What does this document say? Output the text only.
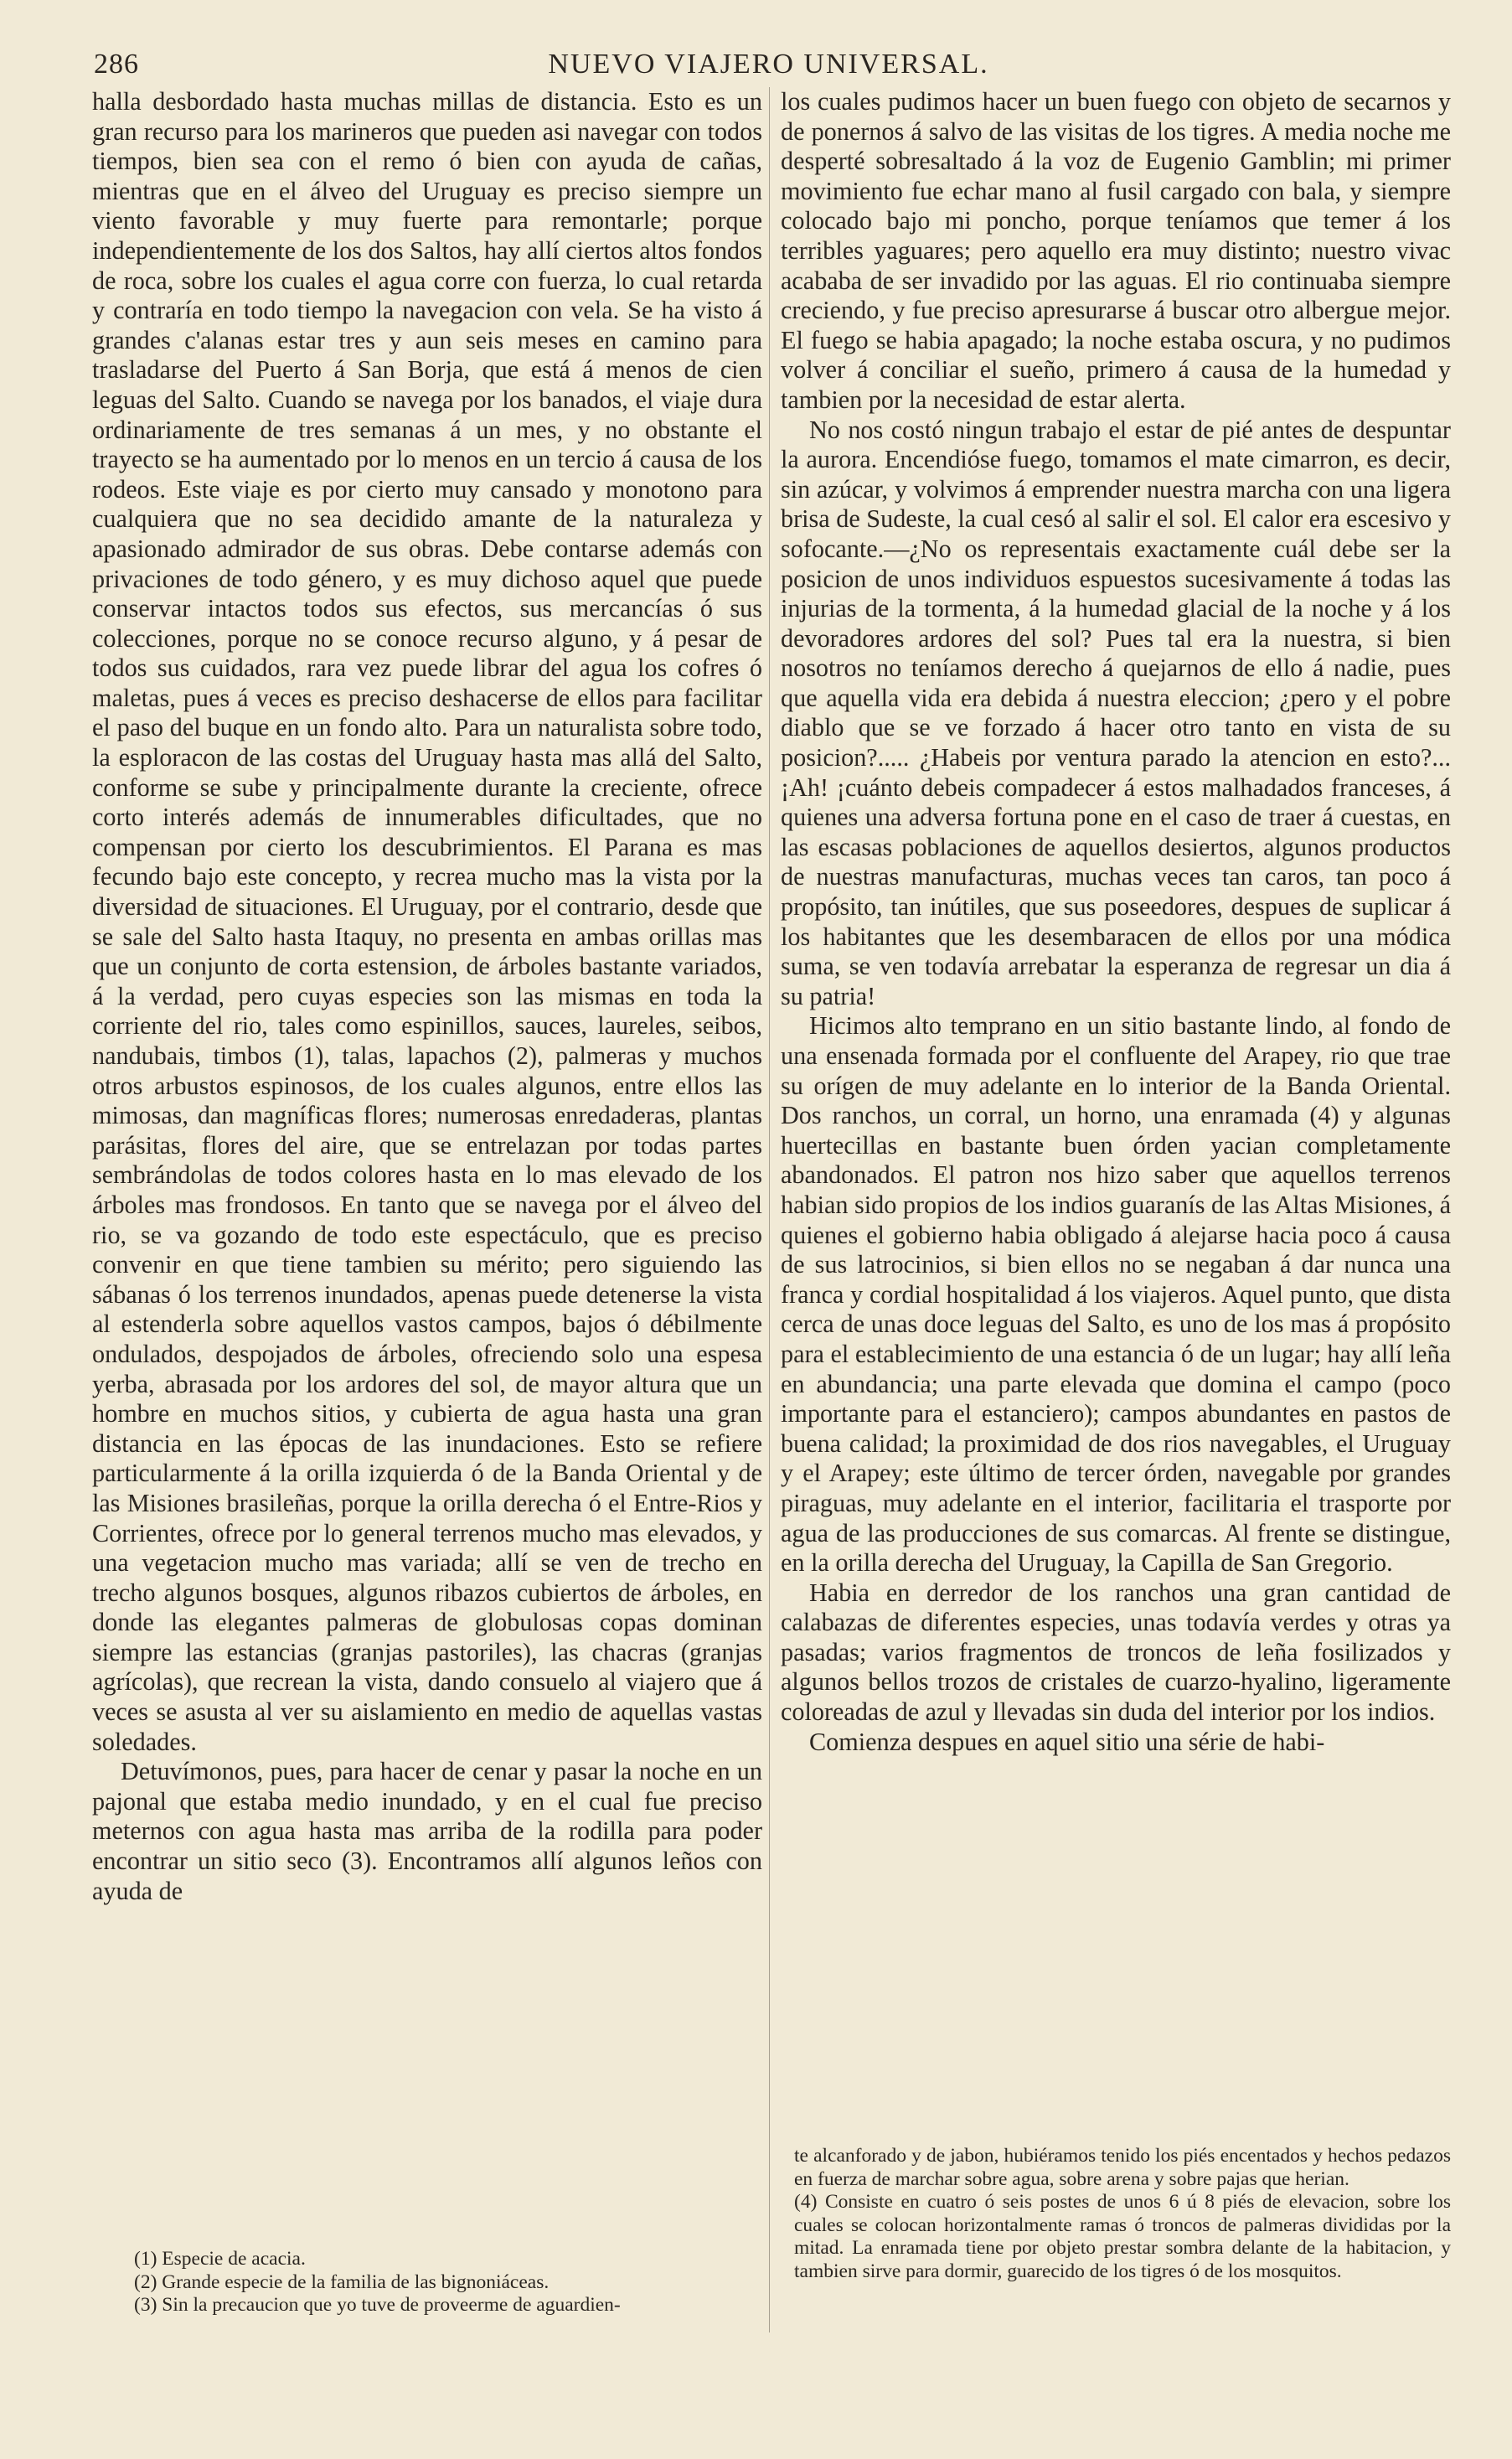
286	NUEVO VIAJERO UNIVERSAL.

halla desbordado hasta muchas millas de distancia. Esto es un gran recurso para los marineros que pueden asi navegar con todos tiempos, bien sea con el remo ó bien con ayuda de cañas, mientras que en el álveo del Uruguay es preciso siempre un viento favorable y muy fuerte para remontarle; porque independientemente de los dos Saltos, hay allí ciertos altos fondos de roca, sobre los cuales el agua corre con fuerza, lo cual retarda y contraría en todo tiempo la navegacion con vela. Se ha visto á grandes c'alanas estar tres y aun seis meses en camino para trasladarse del Puerto á San Borja, que está á menos de cien leguas del Salto. Cuando se navega por los banados, el viaje dura ordinariamente de tres semanas á un mes, y no obstante el trayecto se ha aumentado por lo menos en un tercio á causa de los rodeos. Este viaje es por cierto muy cansado y monotono para cualquiera que no sea decidido amante de la naturaleza y apasionado admirador de sus obras. Debe contarse además con privaciones de todo género, y es muy dichoso aquel que puede conservar intactos todos sus efectos, sus mercancías ó sus colecciones, porque no se conoce recurso alguno, y á pesar de todos sus cuidados, rara vez puede librar del agua los cofres ó maletas, pues á veces es preciso deshacerse de ellos para facilitar el paso del buque en un fondo alto. Para un naturalista sobre todo, la esploracon de las costas del Uruguay hasta mas allá del Salto, conforme se sube y principalmente durante la creciente, ofrece corto interés además de innumerables dificultades, que no compensan por cierto los descubrimientos. El Parana es mas fecundo bajo este concepto, y recrea mucho mas la vista por la diversidad de situaciones. El Uruguay, por el contrario, desde que se sale del Salto hasta Itaquy, no presenta en ambas orillas mas que un conjunto de corta estension, de árboles bastante variados, á la verdad, pero cuyas especies son las mismas en toda la corriente del rio, tales como espinillos, sauces, laureles, seibos, nandubais, timbos (1), talas, lapachos (2), palmeras y muchos otros arbustos espinosos, de los cuales algunos, entre ellos las mimosas, dan magníficas flores; numerosas enredaderas, plantas parásitas, flores del aire, que se entrelazan por todas partes sembrándolas de todos colores hasta en lo mas elevado de los árboles mas frondosos. En tanto que se navega por el álveo del rio, se va gozando de todo este espectáculo, que es preciso convenir en que tiene tambien su mérito; pero siguiendo las sábanas ó los terrenos inundados, apenas puede detenerse la vista al estenderla sobre aquellos vastos campos, bajos ó débilmente ondulados, despojados de árboles, ofreciendo solo una espesa yerba, abrasada por los ardores del sol, de mayor altura que un hombre en muchos sitios, y cubierta de agua hasta una gran distancia en las épocas de las inundaciones. Esto se refiere particularmente á la orilla izquierda ó de la Banda Oriental y de las Misiones brasileñas, porque la orilla derecha ó el Entre-Rios y Corrientes, ofrece por lo general terrenos mucho mas elevados, y una vegetacion mucho mas variada; allí se ven de trecho en trecho algunos bosques, algunos ribazos cubiertos de árboles, en donde las elegantes palmeras de globulosas copas dominan siempre las estancias (granjas pastoriles), las chacras (granjas agrícolas), que recrean la vista, dando consuelo al viajero que á veces se asusta al ver su aislamiento en medio de aquellas vastas soledades.

Detuvímonos, pues, para hacer de cenar y pasar la noche en un pajonal que estaba medio inundado, y en el cual fue preciso meternos con agua hasta mas arriba de la rodilla para poder encontrar un sitio seco (3). Encontramos allí algunos leños con ayuda de

los cuales pudimos hacer un buen fuego con objeto de secarnos y de ponernos á salvo de las visitas de los tigres. A media noche me desperté sobresaltado á la voz de Eugenio Gamblin; mi primer movimiento fue echar mano al fusil cargado con bala, y siempre colocado bajo mi poncho, porque teníamos que temer á los terribles yaguares; pero aquello era muy distinto; nuestro vivac acababa de ser invadido por las aguas. El rio continuaba siempre creciendo, y fue preciso apresurarse á buscar otro albergue mejor. El fuego se habia apagado; la noche estaba oscura, y no pudimos volver á conciliar el sueño, primero á causa de la humedad y tambien por la necesidad de estar alerta.

No nos costó ningun trabajo el estar de pié antes de despuntar la aurora. Encendióse fuego, tomamos el mate cimarron, es decir, sin azúcar, y volvimos á emprender nuestra marcha con una ligera brisa de Sudeste, la cual cesó al salir el sol. El calor era escesivo y sofocante.—¿No os representais exactamente cuál debe ser la posicion de unos individuos espuestos sucesivamente á todas las injurias de la tormenta, á la humedad glacial de la noche y á los devoradores ardores del sol? Pues tal era la nuestra, si bien nosotros no teníamos derecho á quejarnos de ello á nadie, pues que aquella vida era debida á nuestra eleccion; ¿pero y el pobre diablo que se ve forzado á hacer otro tanto en vista de su posicion?..... ¿Habeis por ventura parado la atencion en esto?... ¡Ah! ¡cuánto debeis compadecer á estos malhadados franceses, á quienes una adversa fortuna pone en el caso de traer á cuestas, en las escasas poblaciones de aquellos desiertos, algunos productos de nuestras manufacturas, muchas veces tan caros, tan poco á propósito, tan inútiles, que sus poseedores, despues de suplicar á los habitantes que les desembaracen de ellos por una módica suma, se ven todavía arrebatar la esperanza de regresar un dia á su patria!

Hicimos alto temprano en un sitio bastante lindo, al fondo de una ensenada formada por el confluente del Arapey, rio que trae su orígen de muy adelante en lo interior de la Banda Oriental. Dos ranchos, un corral, un horno, una enramada (4) y algunas huertecillas en bastante buen órden yacian completamente abandonados. El patron nos hizo saber que aquellos terrenos habian sido propios de los indios guaranís de las Altas Misiones, á quienes el gobierno habia obligado á alejarse hacia poco á causa de sus latrocinios, si bien ellos no se negaban á dar nunca una franca y cordial hospitalidad á los viajeros. Aquel punto, que dista cerca de unas doce leguas del Salto, es uno de los mas á propósito para el establecimiento de una estancia ó de un lugar; hay allí leña en abundancia; una parte elevada que domina el campo (poco importante para el estanciero); campos abundantes en pastos de buena calidad; la proximidad de dos rios navegables, el Uruguay y el Arapey; este último de tercer órden, navegable por grandes piraguas, muy adelante en el interior, facilitaria el trasporte por agua de las producciones de sus comarcas. Al frente se distingue, en la orilla derecha del Uruguay, la Capilla de San Gregorio.

Habia en derredor de los ranchos una gran cantidad de calabazas de diferentes especies, unas todavía verdes y otras ya pasadas; varios fragmentos de troncos de leña fosilizados y algunos bellos trozos de cristales de cuarzo-hyalino, ligeramente coloreadas de azul y llevadas sin duda del interior por los indios.

Comienza despues en aquel sitio una série de habi-

(1) Especie de acacia.

(2) Grande especie de la familia de las bignoniáceas.

(3) Sin la precaucion que yo tuve de proveerme de aguardien-

te alcanforado y de jabon, hubiéramos tenido los piés encentados y hechos pedazos en fuerza de marchar sobre agua, sobre arena y sobre pajas que herian.

(4) Consiste en cuatro ó seis postes de unos 6 ú 8 piés de elevacion, sobre los cuales se colocan horizontalmente ramas ó troncos de palmeras divididas por la mitad. La enramada tiene por objeto prestar sombra delante de la habitacion, y tambien sirve para dormir, guarecido de los tigres ó de los mosquitos.
